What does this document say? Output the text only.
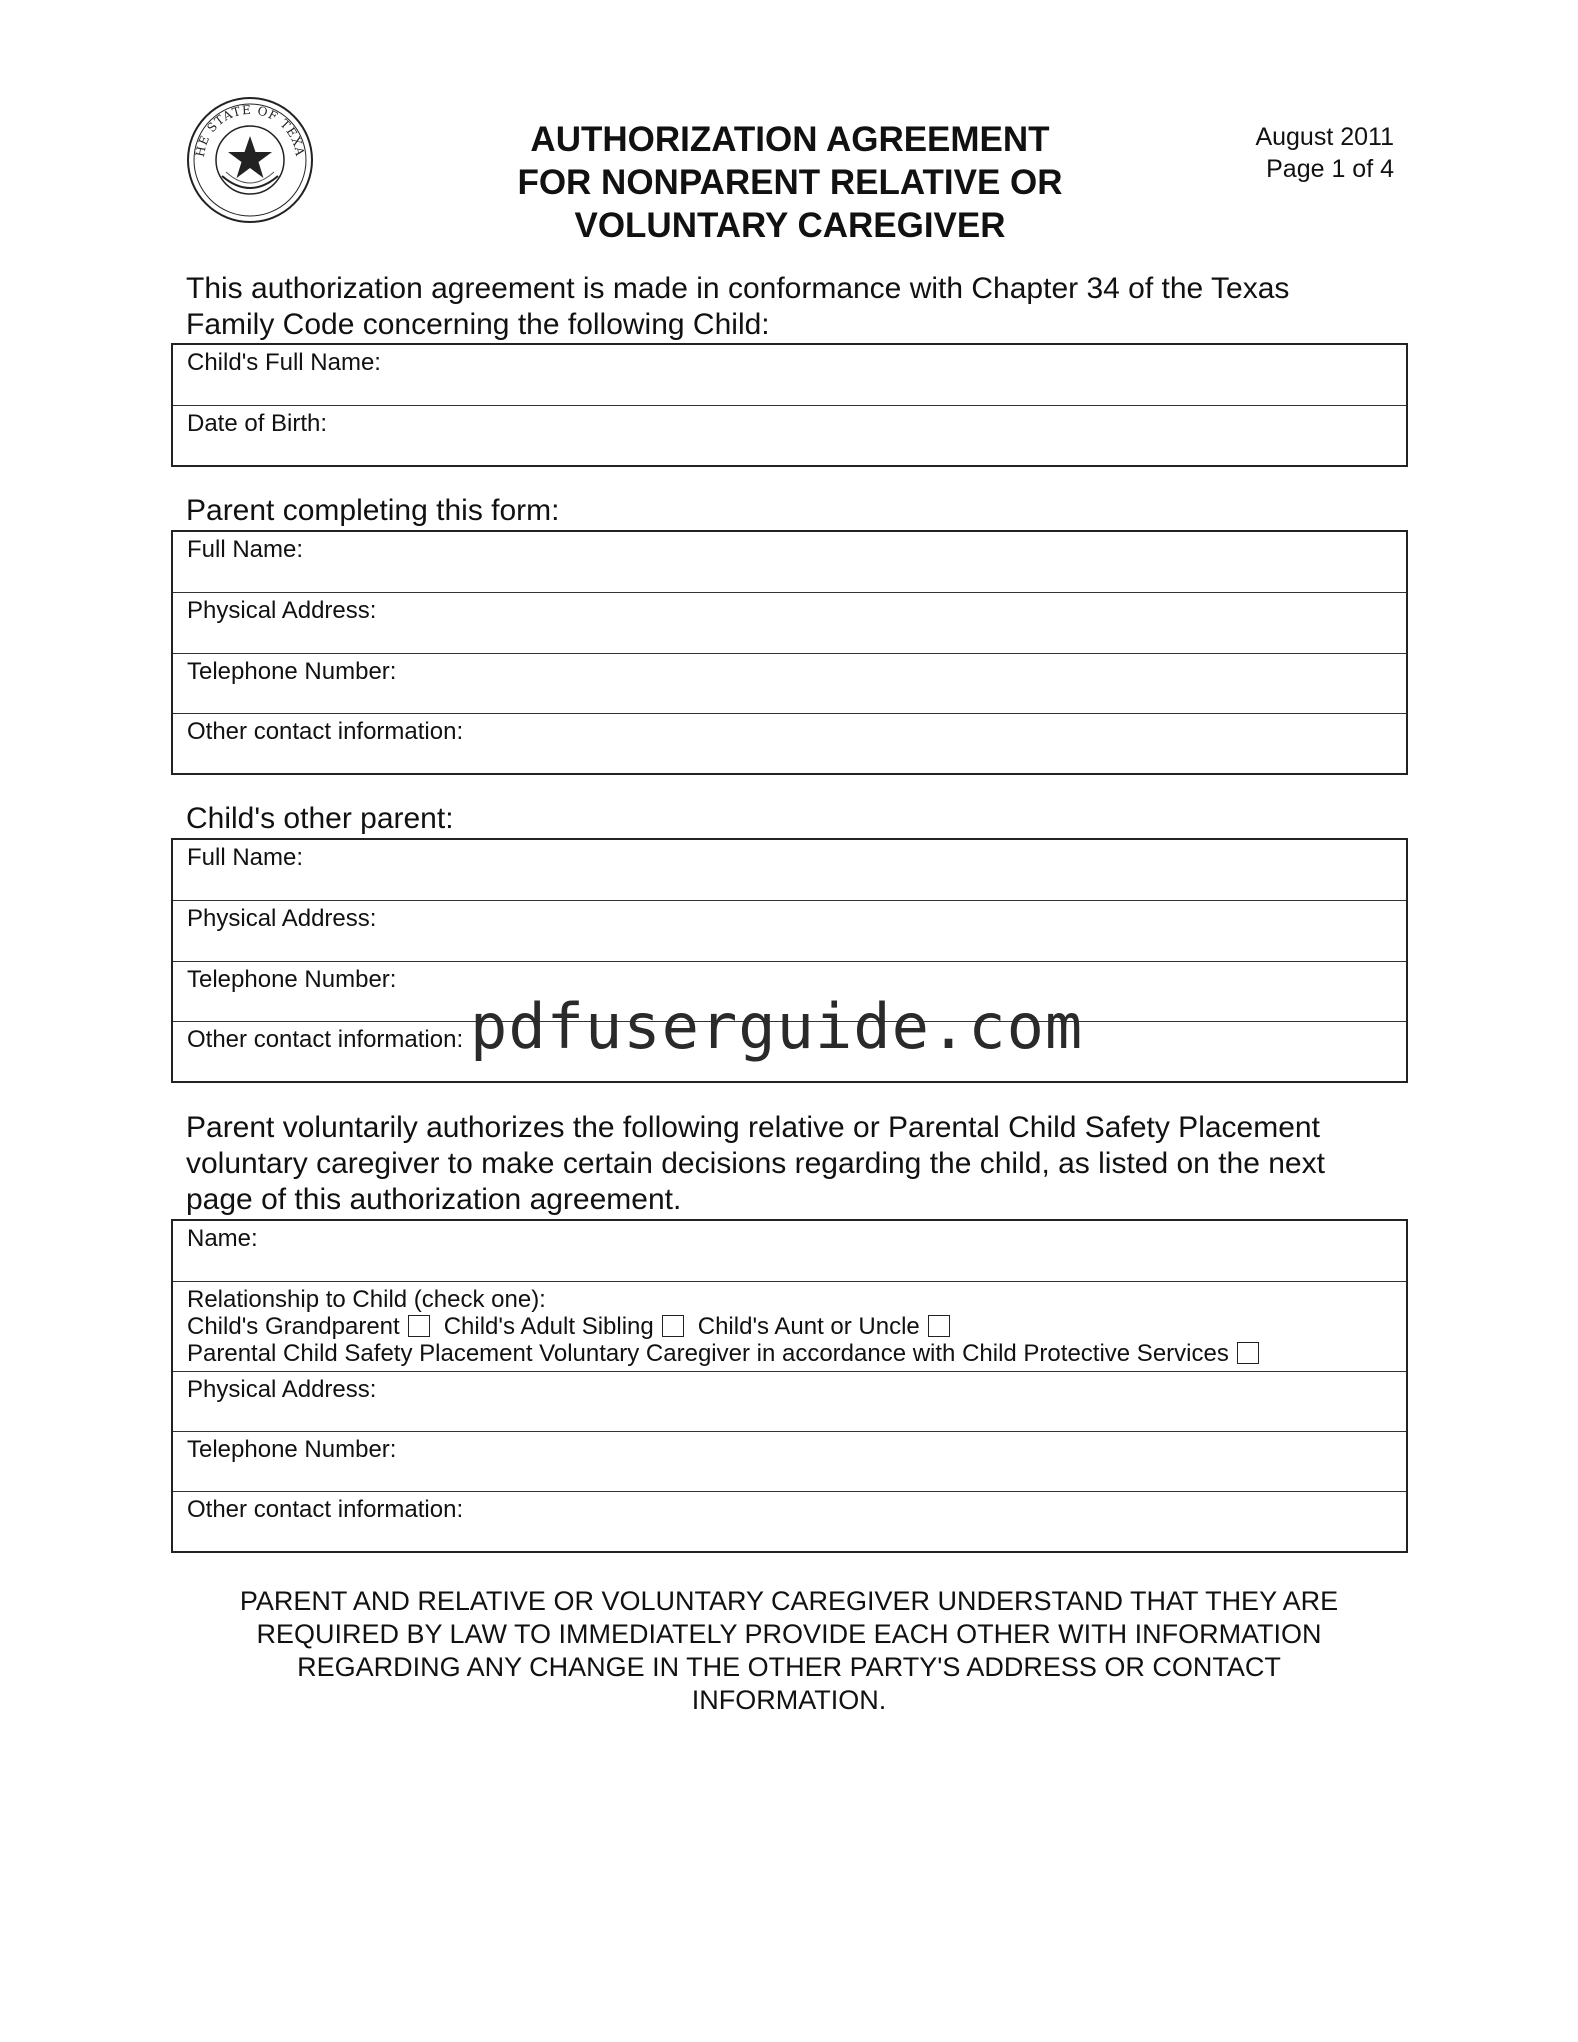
HE STATE OF TEXA	AUTHORIZATION AGREEMENT
FOR NONPARENT RELATIVE OR
VOLUNTARY CAREGIVER
August 2011
Page 1 of 4
This authorization agreement is made in conformance with Chapter 34 of the Texas
Family Code concerning the following Child:
Child's Full Name:
Date of Birth:
Parent completing this form:
Full Name:
Physical Address:
Telephone Number:
Other contact information:
Child's other parent:
Full Name:
Physical Address:
Telephone Number:
Other contact information:
Parent voluntarily authorizes the following relative or Parental Child Safety Placement
voluntary caregiver to make certain decisions regarding the child, as listed on the next
page of this authorization agreement.
Name:
Relationship to Child (check one):
Child's Grandparent Child's Adult Sibling Child's Aunt or Uncle
Parental Child Safety Placement Voluntary Caregiver in accordance with Child Protective Services
Physical Address:
Telephone Number:
Other contact information:
PARENT AND RELATIVE OR VOLUNTARY CAREGIVER UNDERSTAND THAT THEY ARE
REQUIRED BY LAW TO IMMEDIATELY PROVIDE EACH OTHER WITH INFORMATION
REGARDING ANY CHANGE IN THE OTHER PARTY'S ADDRESS OR CONTACT
INFORMATION.
pdfuserguide.com
